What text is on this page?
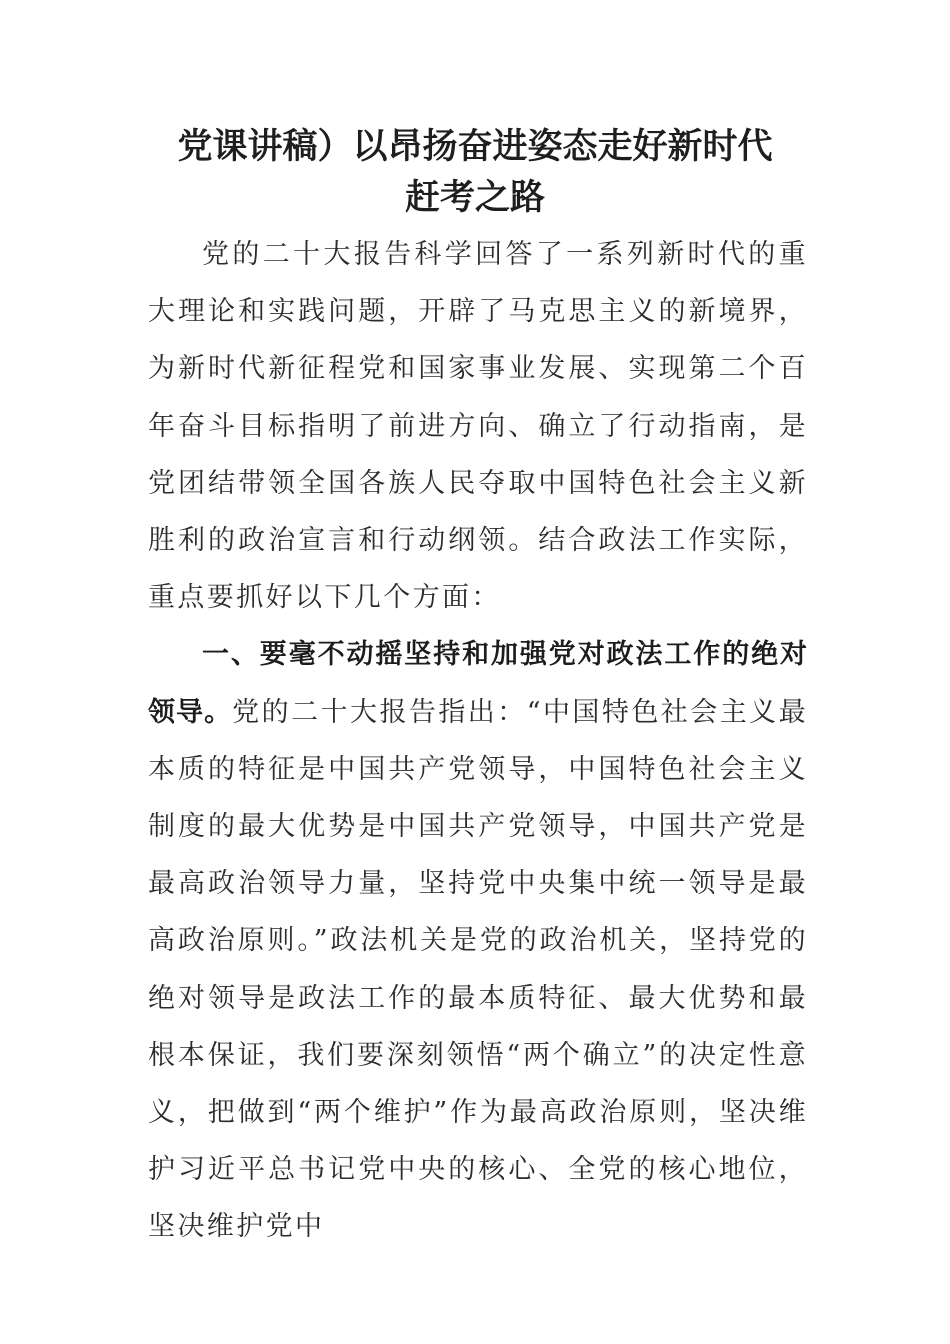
党课讲稿）以昂扬奋进姿态走好新时代
赶考之路

党的二十大报告科学回答了一系列新时代的重大理论和实践问题，开辟了马克思主义的新境界，为新时代新征程党和国家事业发展、实现第二个百年奋斗目标指明了前进方向、确立了行动指南，是党团结带领全国各族人民夺取中国特色社会主义新胜利的政治宣言和行动纲领。结合政法工作实际，重点要抓好以下几个方面：

一、要毫不动摇坚持和加强党对政法工作的绝对领导。党的二十大报告指出：“中国特色社会主义最本质的特征是中国共产党领导，中国特色社会主义制度的最大优势是中国共产党领导，中国共产党是最高政治领导力量，坚持党中央集中统一领导是最高政治原则。”政法机关是党的政治机关，坚持党的绝对领导是政法工作的最本质特征、最大优势和最根本保证，我们要深刻领悟“两个确立”的决定性意义，把做到“两个维护”作为最高政治原则，坚决维护习近平总书记党中央的核心、全党的核心地位，坚决维护党中
